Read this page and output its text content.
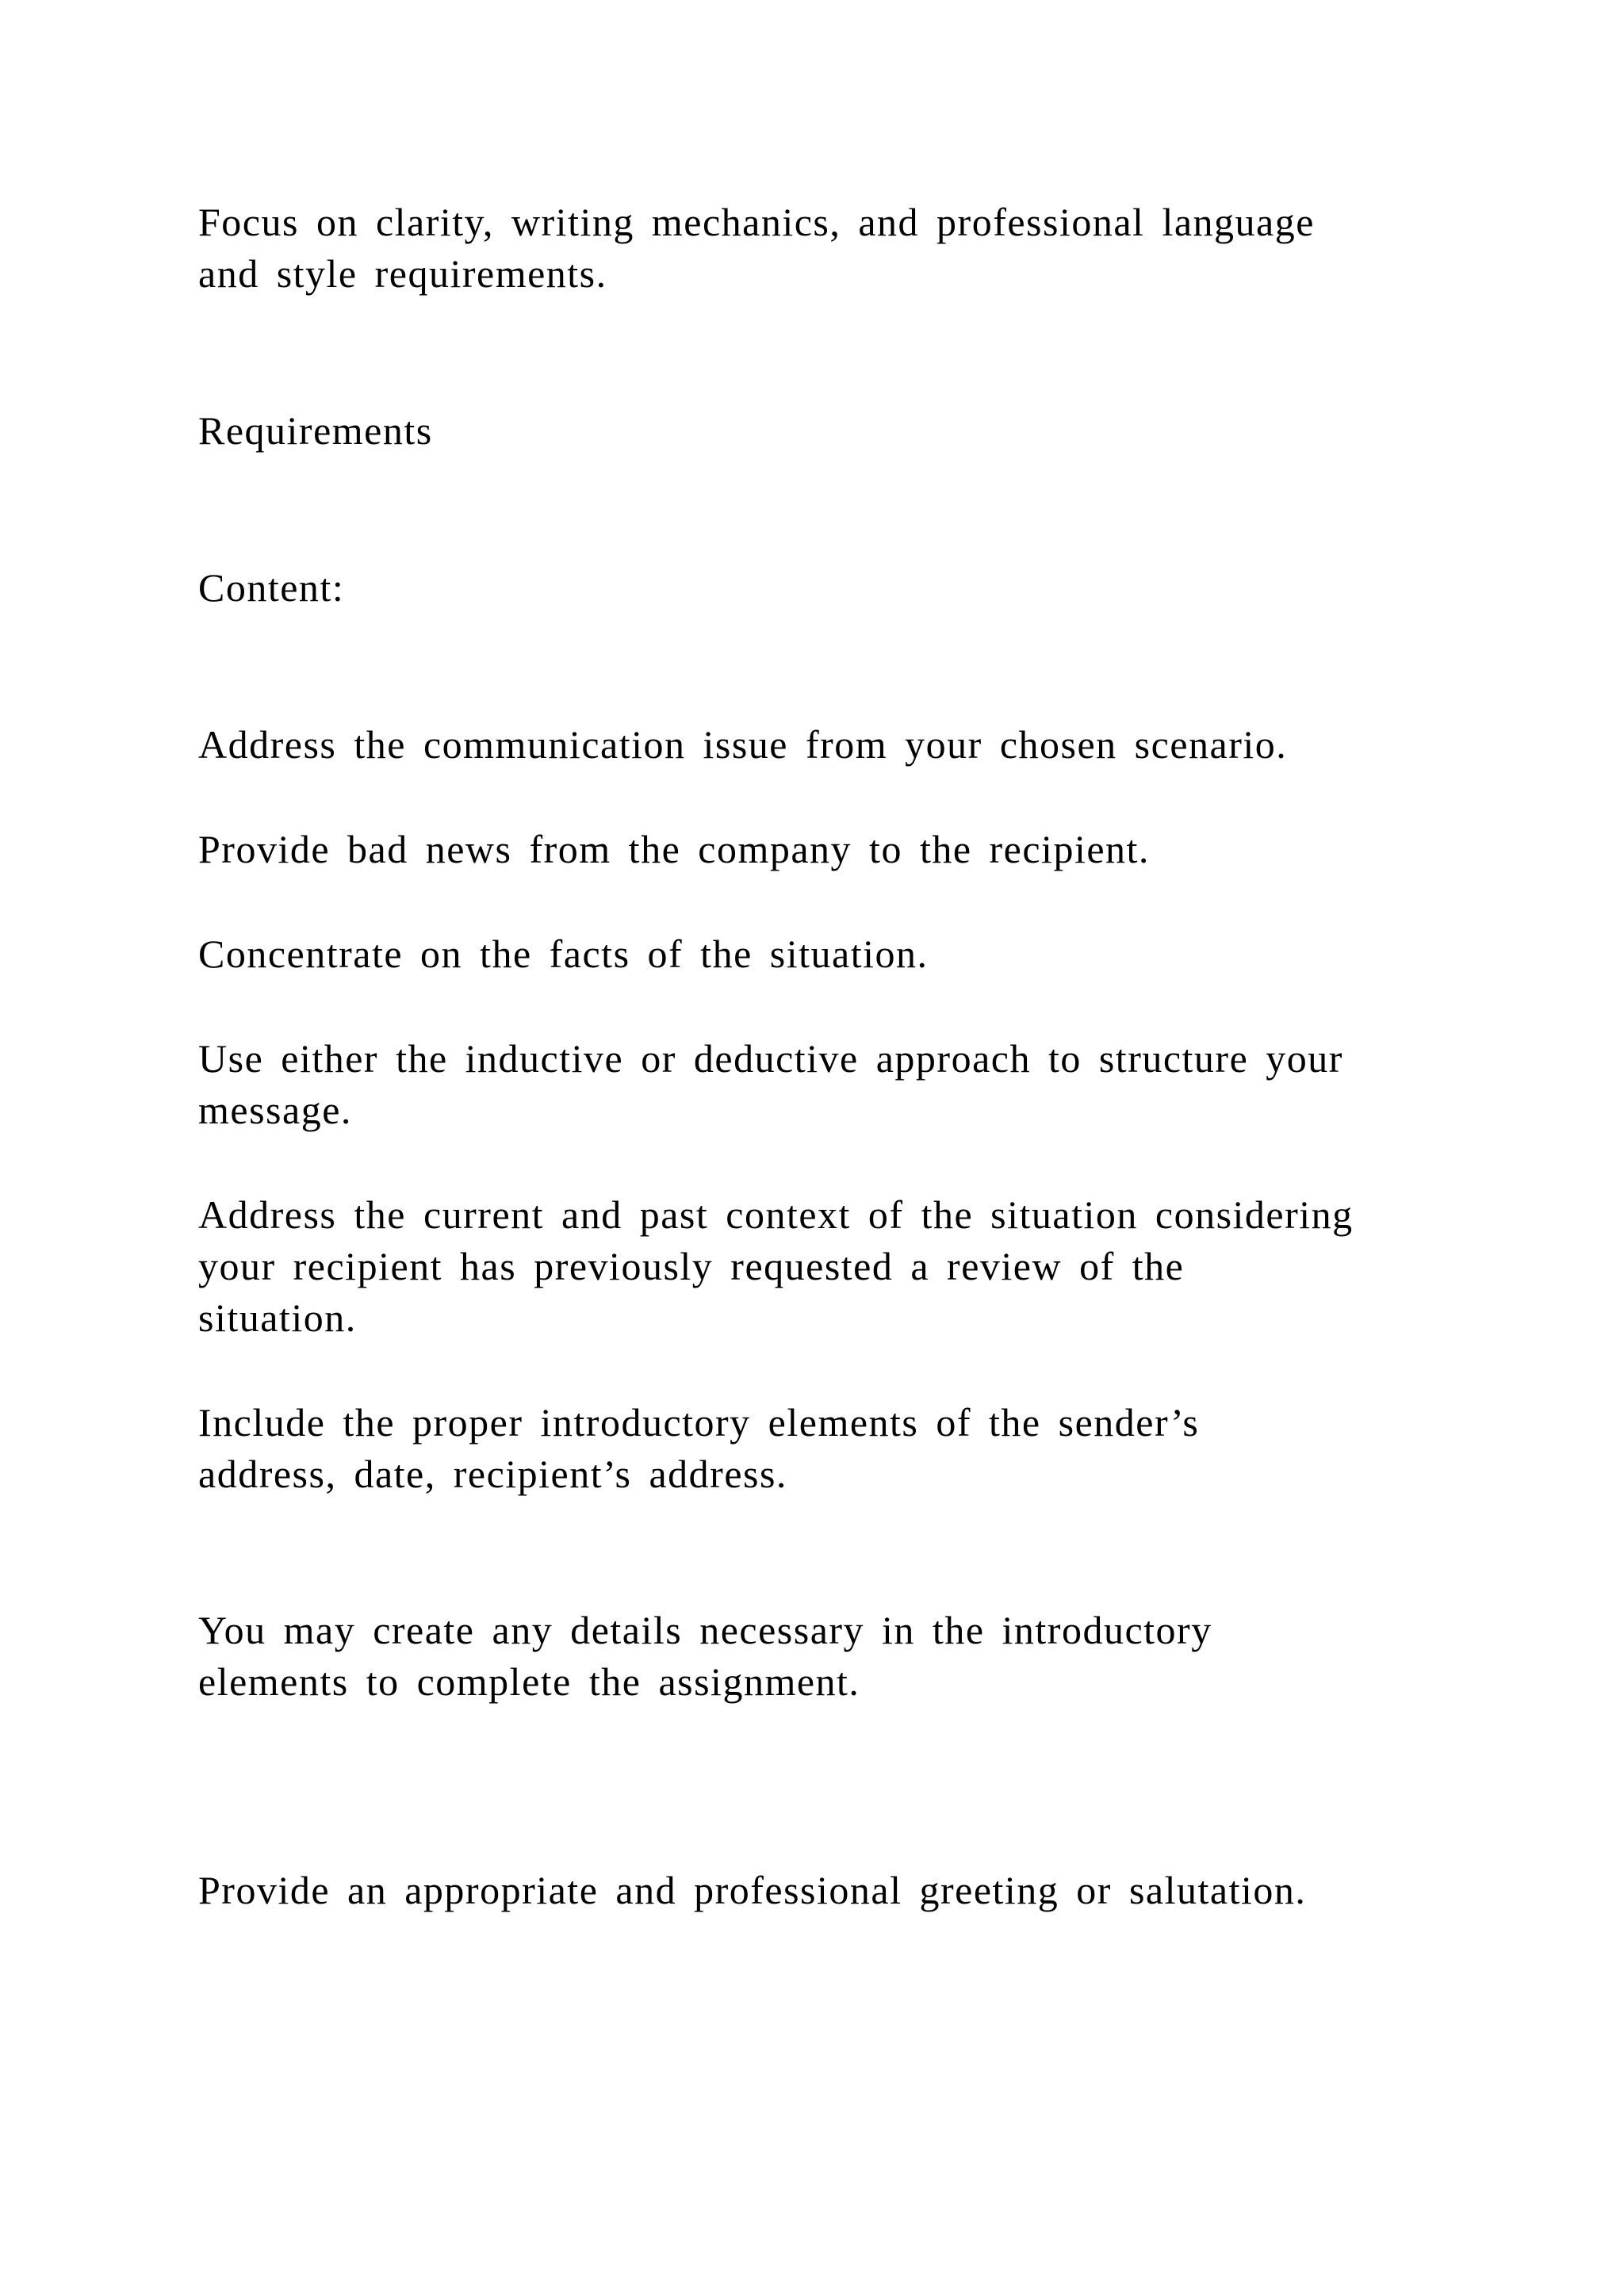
Focus on clarity, writing mechanics, and professional language

and style requirements.

Requirements

Content:

Address the communication issue from your chosen scenario.

Provide bad news from the company to the recipient.

Concentrate on the facts of the situation.

Use either the inductive or deductive approach to structure your

message.

Address the current and past context of the situation considering

your recipient has previously requested a review of the

situation.

Include the proper introductory elements of the sender’s

address, date, recipient’s address.

You may create any details necessary in the introductory

elements to complete the assignment.

Provide an appropriate and professional greeting or salutation.
